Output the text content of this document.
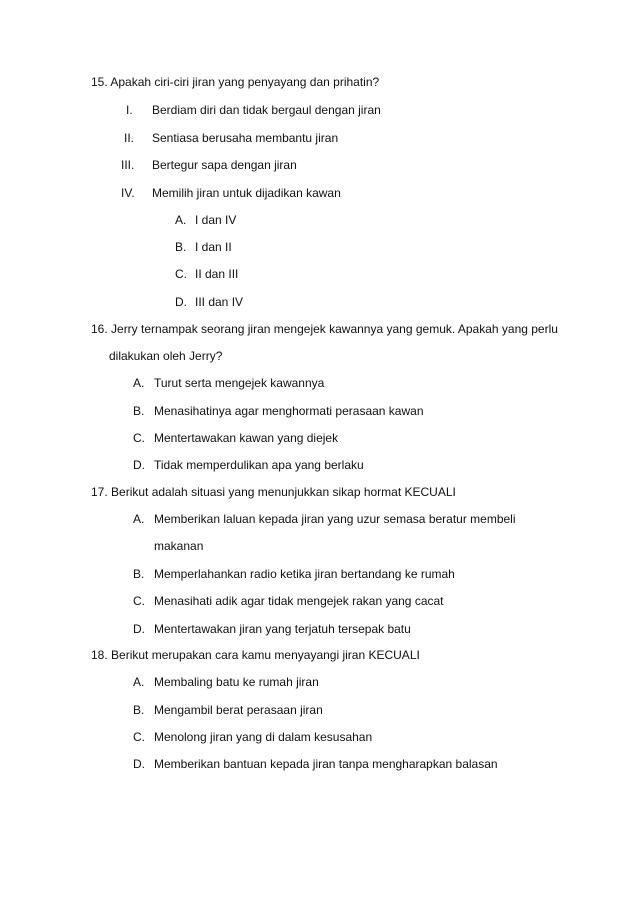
15. Apakah ciri-ciri jiran yang penyayang dan prihatin?
I. Berdiam diri dan tidak bergaul dengan jiran
II. Sentiasa berusaha membantu jiran
III. Bertegur sapa dengan jiran
IV. Memilih jiran untuk dijadikan kawan
A. I dan IV
B. I dan II
C. II dan III
D. III dan IV
16. Jerry ternampak seorang jiran mengejek kawannya yang gemuk. Apakah yang perlu
dilakukan oleh Jerry?
A. Turut serta mengejek kawannya
B. Menasihatinya agar menghormati perasaan kawan
C. Mentertawakan kawan yang diejek
D. Tidak memperdulikan apa yang berlaku
17. Berikut adalah situasi yang menunjukkan sikap hormat KECUALI
A. Memberikan laluan kepada jiran yang uzur semasa beratur membeli
makanan
B. Memperlahankan radio ketika jiran bertandang ke rumah
C. Menasihati adik agar tidak mengejek rakan yang cacat
D. Mentertawakan jiran yang terjatuh tersepak batu
18. Berikut merupakan cara kamu menyayangi jiran KECUALI
A. Membaling batu ke rumah jiran
B. Mengambil berat perasaan jiran
C. Menolong jiran yang di dalam kesusahan
D. Memberikan bantuan kepada jiran tanpa mengharapkan balasan
